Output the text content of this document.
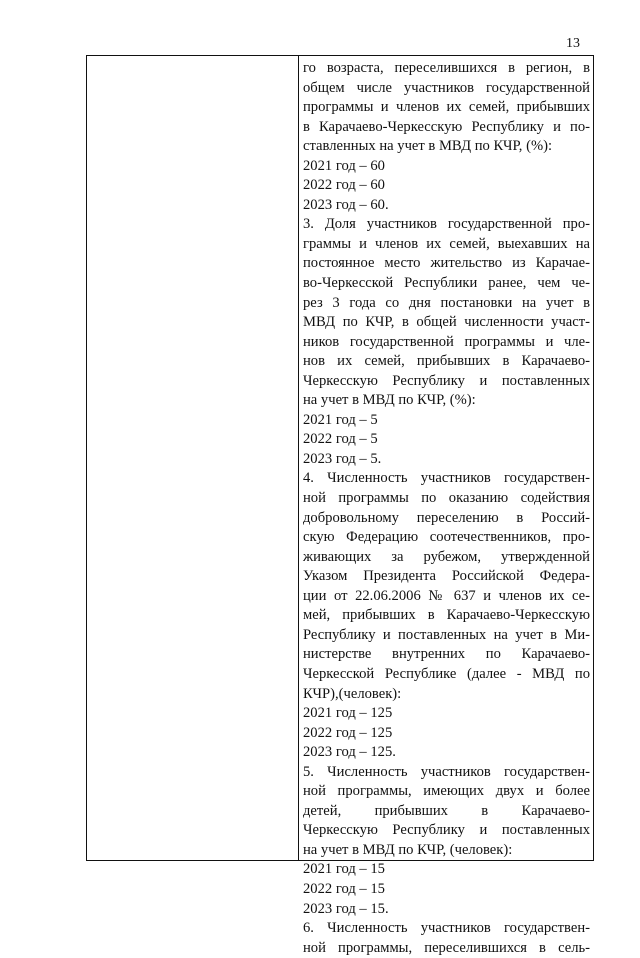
13
го возраста, переселившихся в регион, в
общем числе участников государственной
программы и членов их семей, прибывших
в Карачаево-Черкесскую Республику и по-
ставленных на учет в МВД по КЧР, (%):
2021 год – 60
2022 год – 60
2023 год – 60.
3. Доля участников государственной про-
граммы и членов их семей, выехавших на
постоянное место жительство из Карачае-
во-Черкесской Республики ранее, чем че-
рез 3 года со дня постановки на учет в
МВД по КЧР, в общей численности участ-
ников государственной программы и чле-
нов их семей, прибывших в Карачаево-
Черкесскую Республику и поставленных
на учет в МВД по КЧР, (%):
2021 год – 5
2022 год – 5
2023 год – 5.
4. Численность участников государствен-
ной программы по оказанию содействия
добровольному переселению в Россий-
скую Федерацию соотечественников, про-
живающих за рубежом, утвержденной
Указом Президента Российской Федера-
ции от 22.06.2006 № 637 и членов их се-
мей, прибывших в Карачаево-Черкесскую
Республику и поставленных на учет в Ми-
нистерстве внутренних по Карачаево-
Черкесской Республике (далее - МВД по
КЧР),(человек):
2021 год – 125
2022 год – 125
2023 год – 125.
5. Численность участников государствен-
ной программы, имеющих двух и более
детей, прибывших в Карачаево-
Черкесскую Республику и поставленных
на учет в МВД по КЧР, (человек):
2021 год – 15
2022 год – 15
2023 год – 15.
6. Численность участников государствен-
ной программы, переселившихся в сель-
